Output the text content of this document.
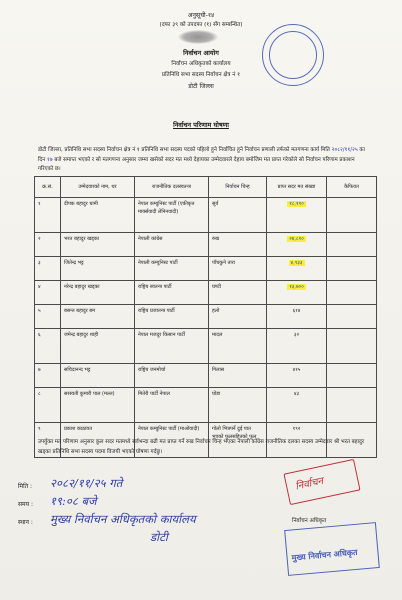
अनुसूची-१४
(दफा ३९ को उपदफा (१) सँग सम्बन्धित)
निर्वाचन आयोग
निर्वाचन अधिकृतको कार्यालय
प्रतिनिधि सभा सदस्य निर्वाचन क्षेत्र नं १
डोटी जिल्ला
निर्वाचन परिणाम घोषणा
डोटी जिल्ला, प्रतिनिधि सभा सदस्य निर्वाचन क्षेत्र नं १ प्रतिनिधि सभा सदस्य पदको पहिलो हुने निर्वाचित हुने निर्वाचन प्रणाली तर्फको मतगणना कार्य मिति २०८२/११/२५ का दिन १७ बजे समाप्त भएको र सो मतगणना अनुसार जम्मा खसेको सदर मत मध्ये देहायका उम्मेदवारले देहाय बमोजिम मत प्राप्त गरेकोले सो निर्वाचन परिणाम प्रकाशन गरिएको छ।
क्र.सं.	उम्मेदवारको नाम, थर	राजनीतिक दलस्वतन्त्र	निर्वाचन चिन्ह	प्राप्त सदर मत संख्या	कैफियत
१	दीपक बहादुर धामी	नेपाल कम्युनिस्ट पार्टी (एकीकृत मार्क्सवादी लेनिनवादी)	सूर्य	१८,११०	
२	भरत बहादुर खड्का	नेपाली कांग्रेस	रुख	२४,८१०	
३	जितेन्द्र भट्ट	नेपाली कम्युनिस्ट पार्टी	पाँचकुने तारा	४,९३३	
४	नरेन्द्र बहादुर खड्का	राष्ट्रिय स्वतन्त्र पार्टी	घण्टी	१३,७००	
५	बसन्त बहादुर बम	राष्ट्रिय प्रजातन्त्र पार्टी	हलो	६१४	
६	जमेन्द्र बहादुर शाही	नेपाल मजदुर किसान पार्टी	मादल	३२	
७	सचिदानन्द भट्ट	राष्ट्रिय जनमोर्चा	गिलास	४१५	
८	सरस्वती कुमारी पाल (मल्ल)	मितेरी पार्टी नेपाल	घोडा	४३	
९	प्रकाश काठायत	नेपाल कम्युनिस्ट पार्टी (माओवादी)	गोलो भित्रपर्ने दुई पात भएको फुलसहितको फूल	१९२	
उपर्युक्त मत परिणाम अनुसार कुल सदर मतमध्ये सर्वभन्दा बढी मत प्राप्त गर्ने रुख निर्वाचन चिन्ह भएका नेपाली काँग्रेस राजनीतिक दलका सदस्य उम्मेदवार श्री भरत बहादुर खड्का प्रतिनिधि सभा सदस्य पदमा विजयी भएको घोषणा गर्दछु।
निर्वाचन
मिति : २०८२/११/२५ गते
समय : १९:०८ बजे
स्थान : मुख्य निर्वाचन अधिकृतको कार्यालय
डोटी
निर्वाचन अधिकृत
मुख्य निर्वाचन अधिकृत
